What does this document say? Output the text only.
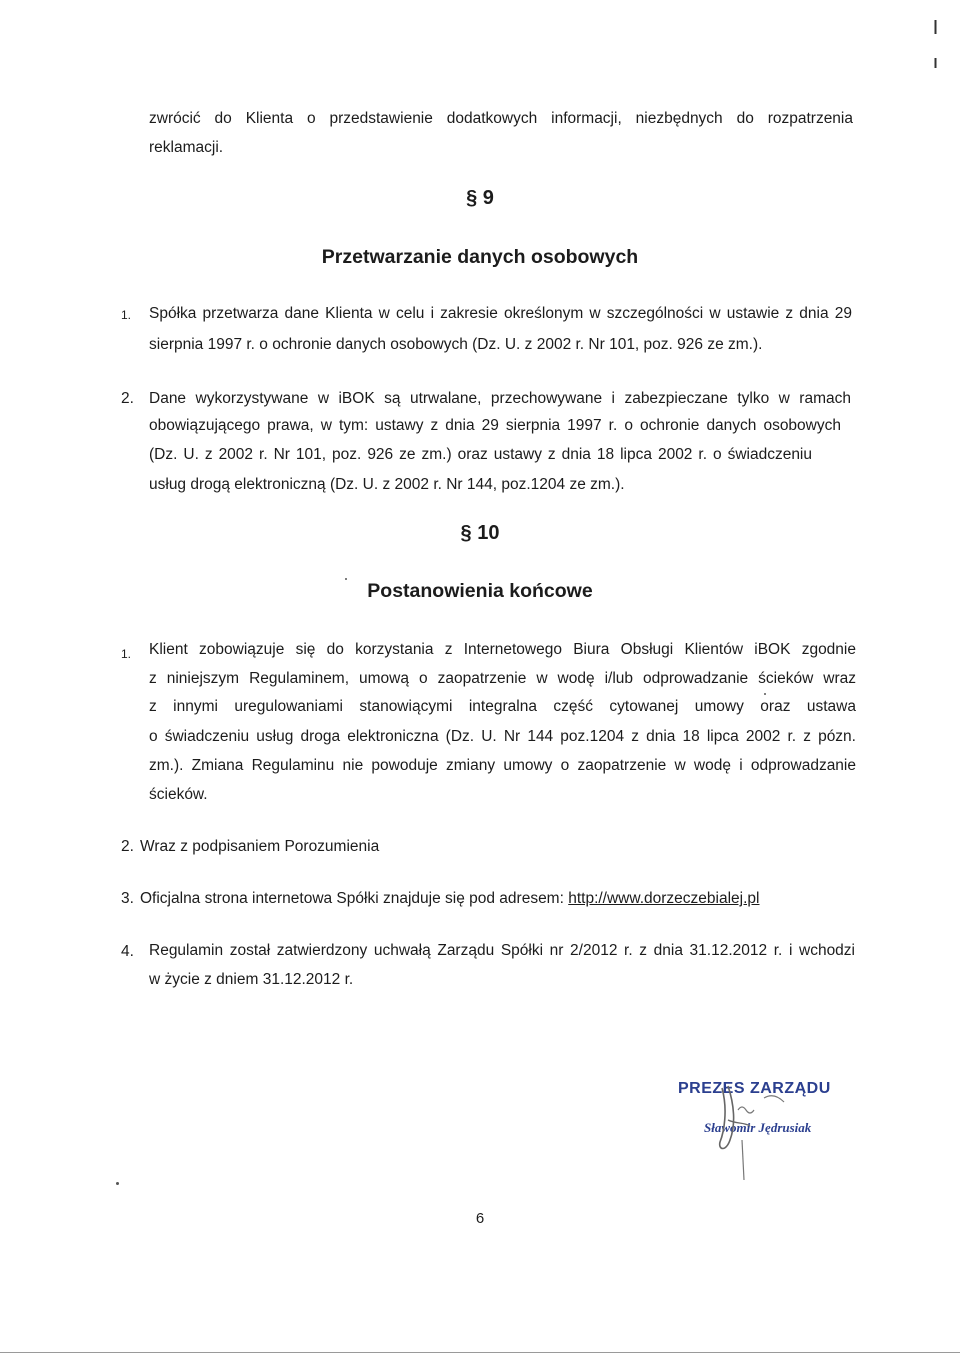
zwrócić do Klienta o przedstawienie dodatkowych informacji, niezbędnych do rozpatrzenia
reklamacji.
§ 9
Przetwarzanie danych osobowych
1. Spółka przetwarza dane Klienta w celu i zakresie określonym w szczególności w ustawie z dnia 29
sierpnia 1997 r. o ochronie danych osobowych (Dz. U. z 2002 r. Nr 101, poz. 926 ze zm.).
2. Dane wykorzystywane w iBOK są utrwalane, przechowywane i zabezpieczane tylko w ramach
obowiązującego prawa, w tym: ustawy z dnia 29 sierpnia 1997 r. o ochronie danych osobowych
(Dz. U. z 2002 r. Nr 101, poz. 926 ze zm.) oraz ustawy z dnia 18 lipca 2002 r. o świadczeniu
usług drogą elektroniczną (Dz. U. z 2002 r. Nr 144, poz.1204 ze zm.).
§ 10
Postanowienia końcowe
1. Klient zobowiązuje się do korzystania z Internetowego Biura Obsługi Klientów iBOK zgodnie
z niniejszym Regulaminem, umową o zaopatrzenie w wodę i/lub odprowadzanie ścieków wraz
z innymi uregulowaniami stanowiącymi integralna część cytowanej umowy oraz ustawa
o świadczeniu usług droga elektroniczna (Dz. U. Nr 144 poz.1204 z dnia 18 lipca 2002 r. z pózn.
zm.). Zmiana Regulaminu nie powoduje zmiany umowy o zaopatrzenie w wodę i odprowadzanie
ścieków.
2. Wraz z podpisaniem Porozumienia
3. Oficjalna strona internetowa Spółki znajduje się pod adresem: http://www.dorzeczebialej.pl
4. Regulamin został zatwierdzony uchwałą Zarządu Spółki nr 2/2012 r. z dnia 31.12.2012 r. i wchodzi
w życie z dniem 31.12.2012 r.
PREZES ZARZĄDU
Sławomir Jędrusiak
6
